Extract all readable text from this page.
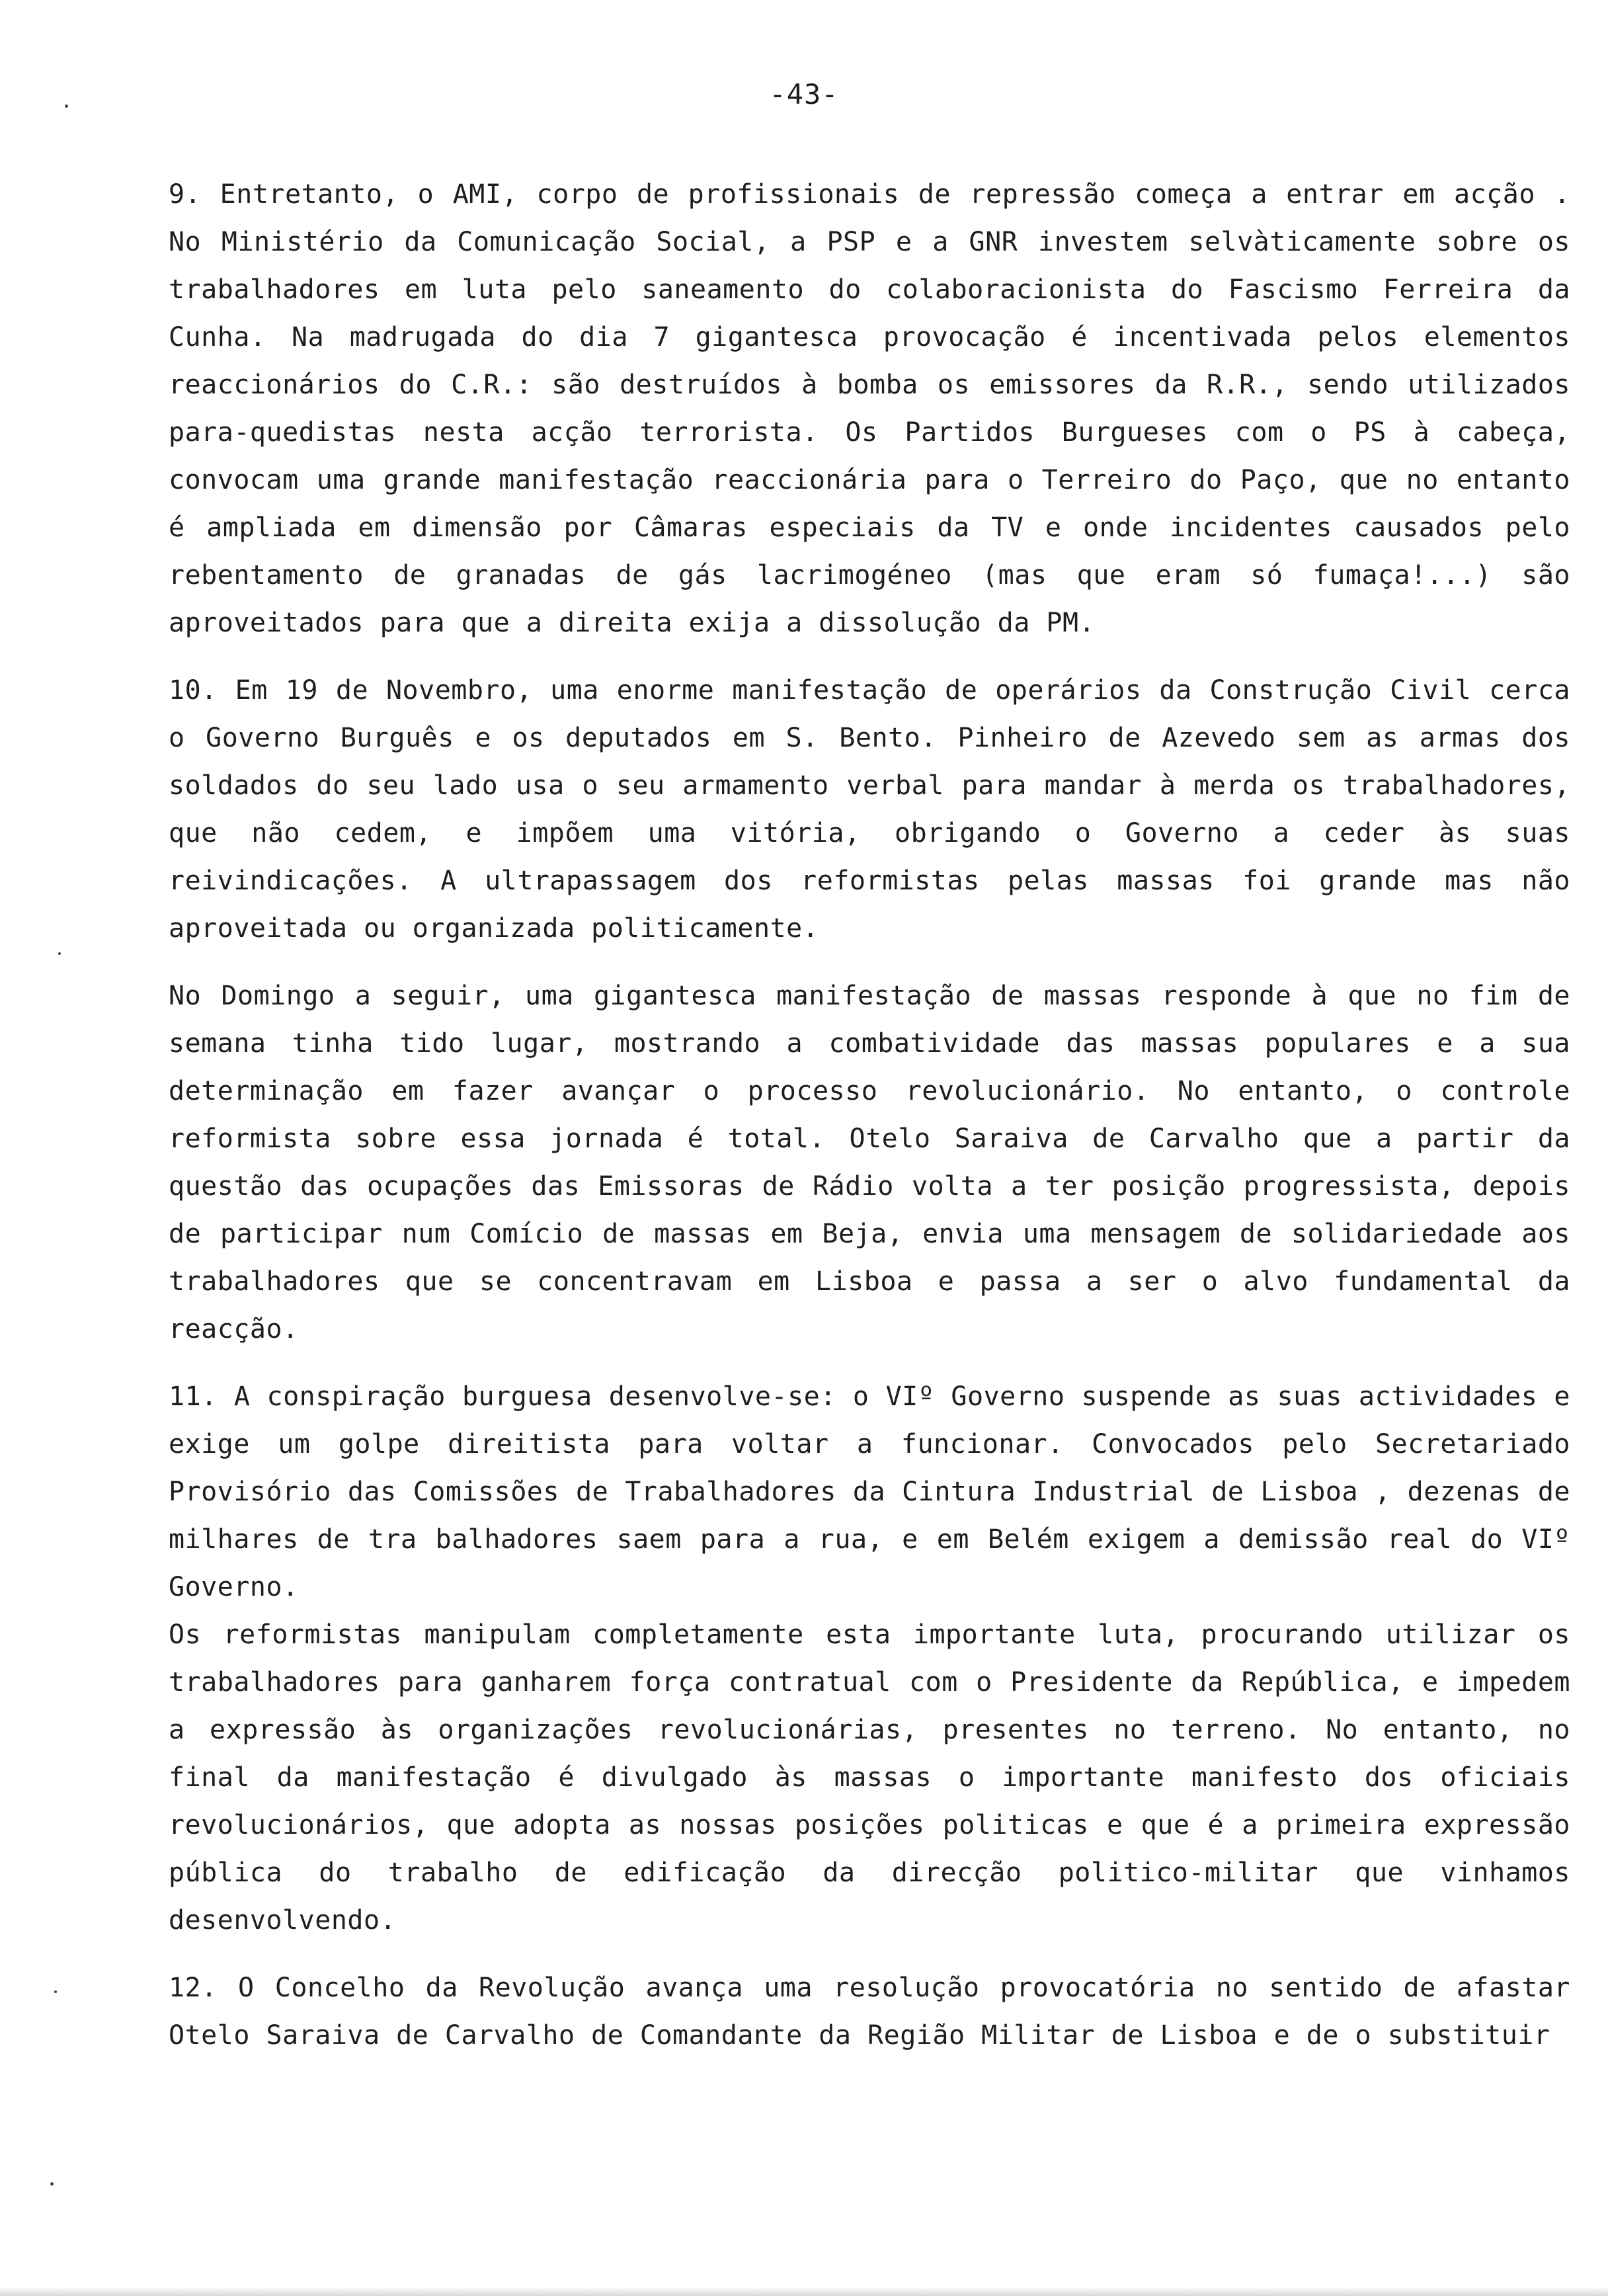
-43-

9. Entretanto, o AMI, corpo de profissionais de repressão começa a entrar em acção . No Ministério da Comunicação Social, a PSP e a GNR investem selvàticamente sobre os trabalhadores em luta pelo saneamento do colaboracionista do Fascismo Ferreira da Cunha. Na madrugada do dia 7 gigantesca provocação é incentivada pelos elementos reaccionários do C.R.: são destruídos à bomba os emissores da R.R., sendo utilizados para-quedistas nesta acção terrorista. Os Partidos Burgueses com o PS à cabeça, convocam uma grande manifestação reaccionária para o Terreiro do Paço, que no entanto é ampliada em dimensão por Câmaras especiais da TV e onde incidentes causados pelo rebentamento de granadas de gás lacrimogéneo (mas que eram só fumaça!...) são aproveitados para que a direita exija a dissolução da PM.

10. Em 19 de Novembro, uma enorme manifestação de operários da Construção Civil cerca o Governo Burguês e os deputados em S. Bento. Pinheiro de Azevedo sem as armas dos soldados do seu lado usa o seu armamento verbal para mandar à merda os trabalhadores, que não cedem, e impõem uma vitória, obrigando o Governo a ceder às suas reivindicações. A ultrapassagem dos reformistas pelas massas foi grande mas não aproveitada ou organizada politicamente.

No Domingo a seguir, uma gigantesca manifestação de massas responde à que no fim de semana tinha tido lugar, mostrando a combatividade das massas populares e a sua determinação em fazer avançar o processo revolucionário. No entanto, o controle reformista sobre essa jornada é total. Otelo Saraiva de Carvalho que a partir da questão das ocupações das Emissoras de Rádio volta a ter posição progressista, depois de participar num Comício de massas em Beja, envia uma mensagem de solidariedade aos trabalhadores que se concentravam em Lisboa e passa a ser o alvo fundamental da reacção.

11. A conspiração burguesa desenvolve-se: o VIº Governo suspende as suas actividades e exige um golpe direitista para voltar a funcionar. Convocados pelo Secretariado Provisório das Comissões de Trabalhadores da Cintura Industrial de Lisboa , dezenas de milhares de tra balhadores saem para a rua, e em Belém exigem a demissão real do VIº Governo.

Os reformistas manipulam completamente esta importante luta, procurando utilizar os trabalhadores para ganharem força contratual com o Presidente da República, e impedem a expressão às organizações revolucionárias, presentes no terreno. No entanto, no final da manifestação é divulgado às massas o importante manifesto dos oficiais revolucionários, que adopta as nossas posições politicas e que é a primeira expressão pública do trabalho de edificação da direcção politico-militar que vinhamos desenvolvendo.

12. O Concelho da Revolução avança uma resolução provocatória no sentido de afastar Otelo Saraiva de Carvalho de Comandante da Região Militar de Lisboa e de o substituir
